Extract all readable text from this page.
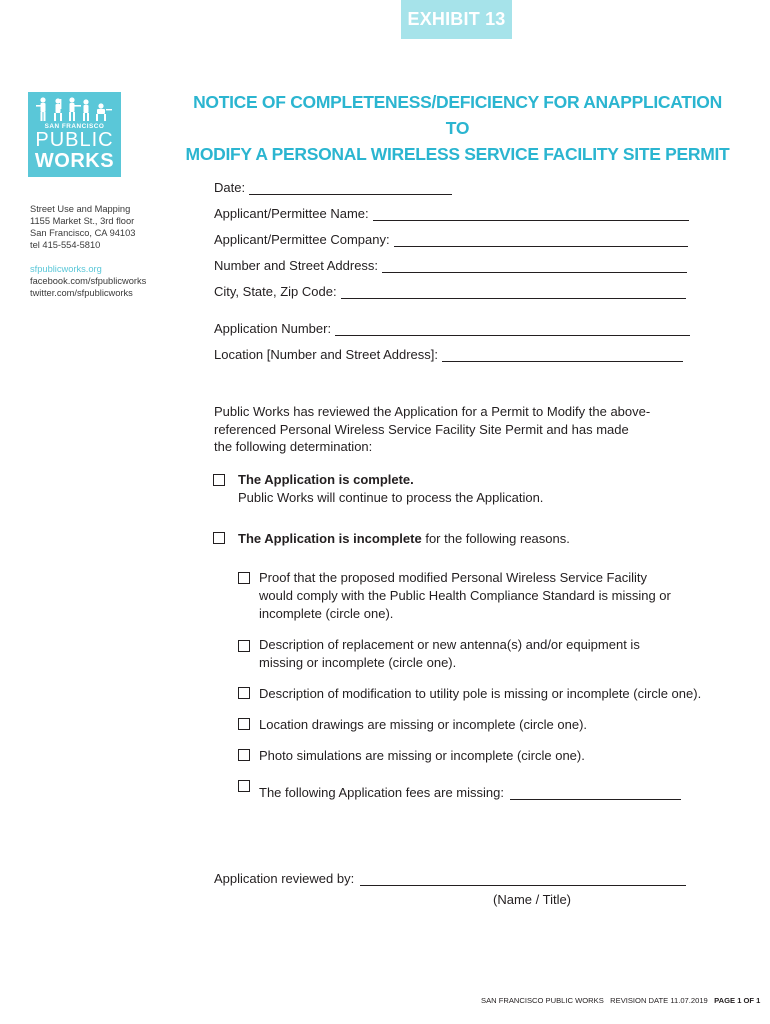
EXHIBIT 13
SAN FRANCISCO
PUBLIC
WORKS
Street Use and Mapping
1155 Market St., 3rd floor
San Francisco, CA 94103
tel 415-554-5810
sfpublicworks.org
facebook.com/sfpublicworks
twitter.com/sfpublicworks
NOTICE OF COMPLETENESS/DEFICIENCY FOR ANAPPLICATION TO
MODIFY A PERSONAL WIRELESS SERVICE FACILITY SITE PERMIT
Date:
Applicant/Permittee Name:
Applicant/Permittee Company:
Number and Street Address:
City, State, Zip Code:
Application Number:
Location [Number and Street Address]:
Public Works has reviewed the Application for a Permit to Modify the above-
referenced Personal Wireless Service Facility Site Permit and has made
the following determination:
The Application is complete.
Public Works will continue to process the Application.
The Application is incomplete for the following reasons.
Proof that the proposed modified Personal Wireless Service Facility
would comply with the Public Health Compliance Standard is missing or
incomplete (circle one).
Description of replacement or new antenna(s) and/or equipment is
missing or incomplete (circle one).
Description of modification to utility pole is missing or incomplete (circle one).
Location drawings are missing or incomplete (circle one).
Photo simulations are missing or incomplete (circle one).
The following Application fees are missing:
Application reviewed by:
(Name / Title)
SAN FRANCISCO PUBLIC WORKS REVISION DATE 11.07.2019 PAGE 1 OF 1
